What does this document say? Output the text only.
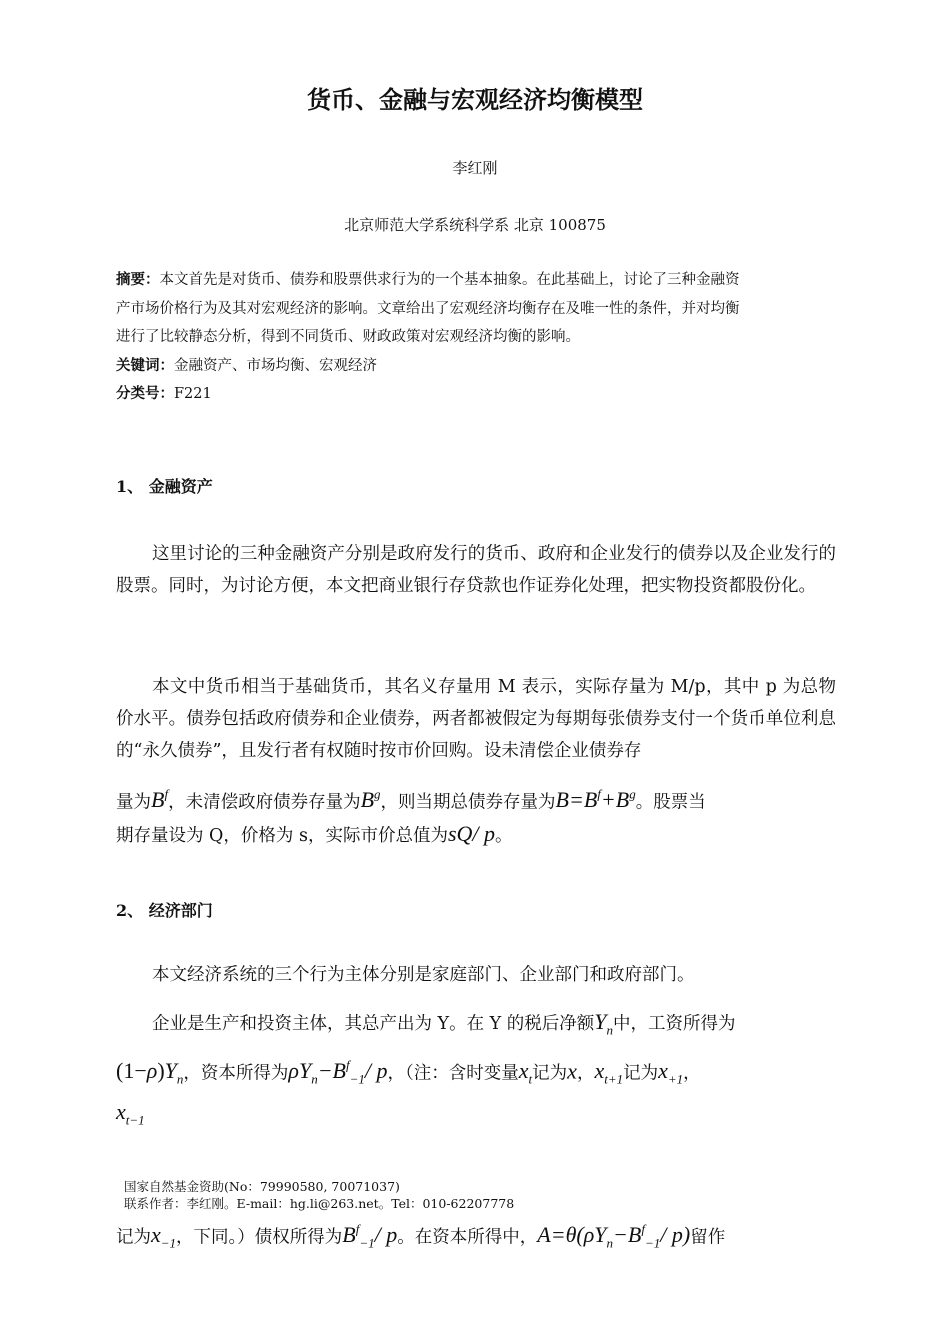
货币、金融与宏观经济均衡模型
李红刚
北京师范大学系统科学系 北京 100875
摘要：本文首先是对货币、债券和股票供求行为的一个基本抽象。在此基础上，讨论了三种金融资
产市场价格行为及其对宏观经济的影响。文章给出了宏观经济均衡存在及唯一性的条件，并对均衡
进行了比较静态分析，得到不同货币、财政政策对宏观经济均衡的影响。
关键词：金融资产、市场均衡、宏观经济
分类号：F221
1、 金融资产
这里讨论的三种金融资产分别是政府发行的货币、政府和企业发行的债券以及企业发行的股票。同时，为讨论方便，本文把商业银行存贷款也作证券化处理，把实物投资都股份化。
本文中货币相当于基础货币，其名义存量用 M 表示，实际存量为 M/p，其中 p 为总物价水平。债券包括政府债券和企业债券，两者都被假定为每期每张债券支付一个货币单位利息的“永久债券”，且发行者有权随时按市价回购。设未清偿企业债券存
量为$B^f$，未清偿政府债券存量为$B^g$，则当期总债券存量为$B=B^f+B^g$。股票当
期存量设为 Q，价格为 s，实际市价总值为sQ/ p。
2、 经济部门
本文经济系统的三个行为主体分别是家庭部门、企业部门和政府部门。
企业是生产和投资主体，其总产出为 Y。在 Y 的税后净额$Y_n$中，工资所得为
$(1-\rho)Y_n$，资本所得为$\rho Y_n-B^f_{-1}/$ p，（注：含时变量$x_t$记为x，$x_{t+1}$记为$x_{+1}$，
$x_{t-1}$
国家自然基金资助(No：79990580, 70071037)
联系作者：李红刚。E-mail：hg.li@263.net。Tel：010-62207778
记为$x_{-1}$，下同。）债权所得为$B^f_{-1}/$ p。在资本所得中，$A=\theta(\rho Y_n-B^f_{-1}/$ p)留作
